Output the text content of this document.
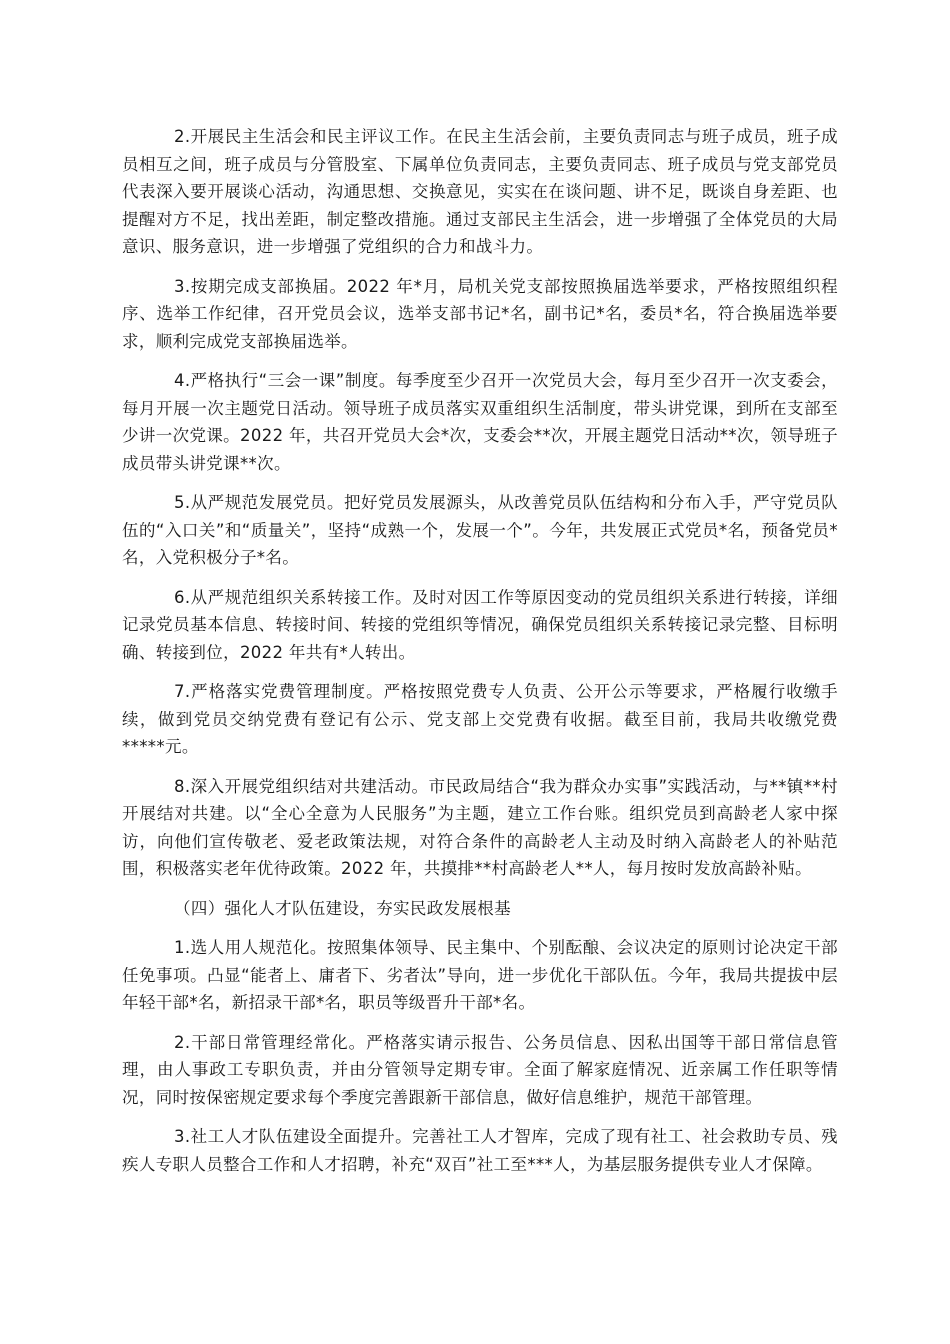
2.开展民主生活会和民主评议工作。在民主生活会前，主要负责同志与班子成员，班子成员相互之间，班子成员与分管股室、下属单位负责同志，主要负责同志、班子成员与党支部党员代表深入要开展谈心活动，沟通思想、交换意见，实实在在谈问题、讲不足，既谈自身差距、也提醒对方不足，找出差距，制定整改措施。通过支部民主生活会，进一步增强了全体党员的大局意识、服务意识，进一步增强了党组织的合力和战斗力。

3.按期完成支部换届。2022 年*月，局机关党支部按照换届选举要求，严格按照组织程序、选举工作纪律，召开党员会议，选举支部书记*名，副书记*名，委员*名，符合换届选举要求，顺利完成党支部换届选举。

4.严格执行“三会一课”制度。每季度至少召开一次党员大会，每月至少召开一次支委会，每月开展一次主题党日活动。领导班子成员落实双重组织生活制度，带头讲党课，到所在支部至少讲一次党课。2022 年，共召开党员大会*次，支委会**次，开展主题党日活动**次，领导班子成员带头讲党课**次。

5.从严规范发展党员。把好党员发展源头，从改善党员队伍结构和分布入手，严守党员队伍的“入口关”和“质量关”，坚持“成熟一个，发展一个”。今年，共发展正式党员*名，预备党员*名，入党积极分子*名。

6.从严规范组织关系转接工作。及时对因工作等原因变动的党员组织关系进行转接，详细记录党员基本信息、转接时间、转接的党组织等情况，确保党员组织关系转接记录完整、目标明确、转接到位，2022 年共有*人转出。

7.严格落实党费管理制度。严格按照党费专人负责、公开公示等要求，严格履行收缴手续，做到党员交纳党费有登记有公示、党支部上交党费有收据。截至目前，我局共收缴党费*****元。

8.深入开展党组织结对共建活动。市民政局结合“我为群众办实事”实践活动，与**镇**村开展结对共建。以“全心全意为人民服务”为主题，建立工作台账。组织党员到高龄老人家中探访，向他们宣传敬老、爱老政策法规，对符合条件的高龄老人主动及时纳入高龄老人的补贴范围，积极落实老年优待政策。2022 年，共摸排**村高龄老人**人，每月按时发放高龄补贴。

（四）强化人才队伍建设，夯实民政发展根基

1.选人用人规范化。按照集体领导、民主集中、个别酝酿、会议决定的原则讨论决定干部任免事项。凸显“能者上、庸者下、劣者汰”导向，进一步优化干部队伍。今年，我局共提拔中层年轻干部*名，新招录干部*名，职员等级晋升干部*名。

2.干部日常管理经常化。严格落实请示报告、公务员信息、因私出国等干部日常信息管理，由人事政工专职负责，并由分管领导定期专审。全面了解家庭情况、近亲属工作任职等情况，同时按保密规定要求每个季度完善跟新干部信息，做好信息维护，规范干部管理。

3.社工人才队伍建设全面提升。完善社工人才智库，完成了现有社工、社会救助专员、残疾人专职人员整合工作和人才招聘，补充“双百”社工至***人，为基层服务提供专业人才保障。
